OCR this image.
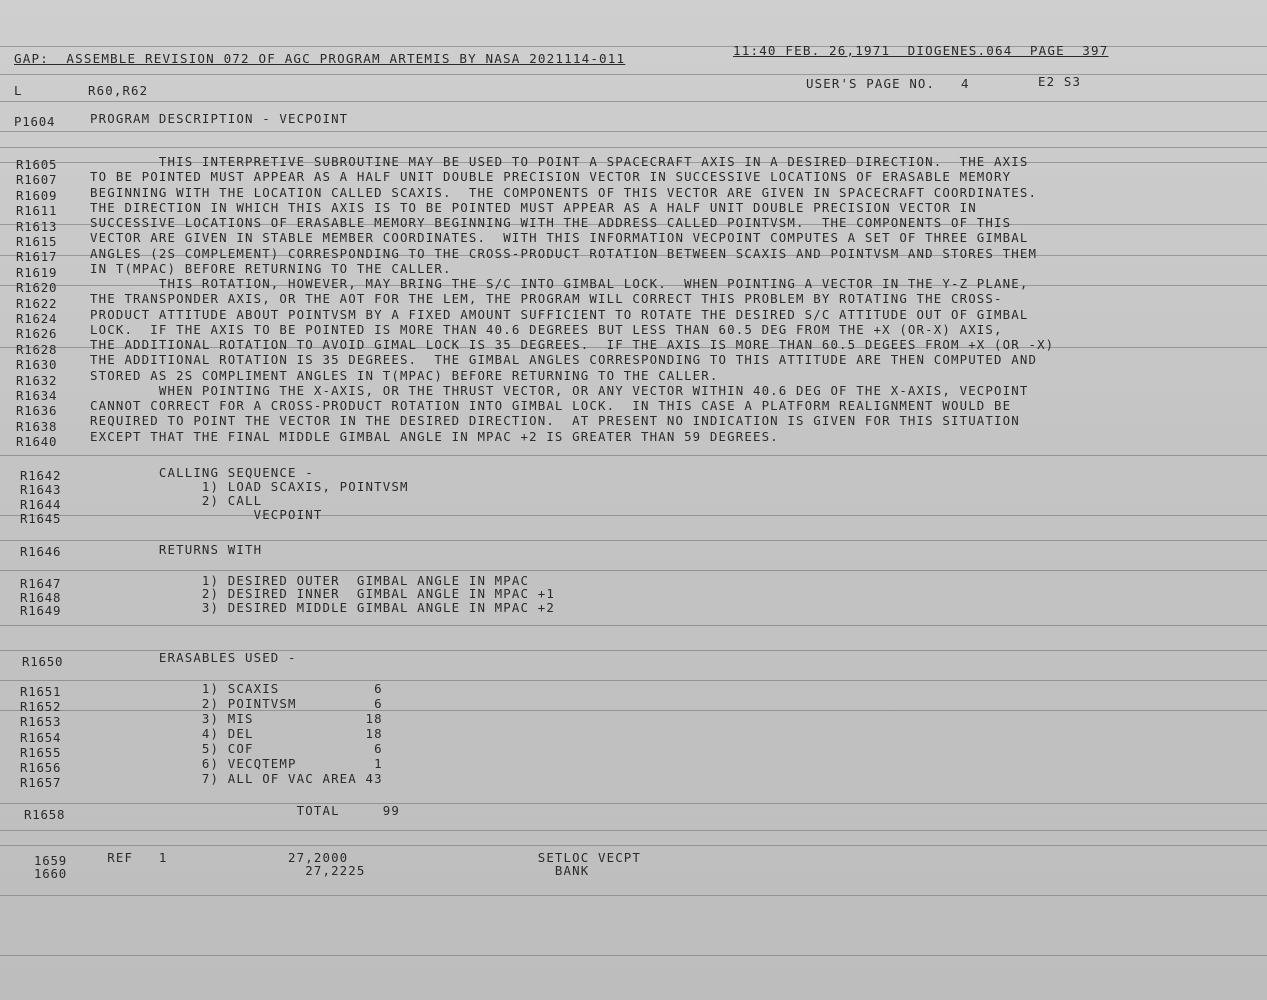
GAP:  ASSEMBLE REVISION 072 OF AGC PROGRAM ARTEMIS BY NASA 2021114-011
11:40 FEB. 26,1971  DIOGENES.064  PAGE  397
L	R60,R62	USER'S PAGE NO.   4	E2 S3
P1604	PROGRAM DESCRIPTION - VECPOINT
R1605	THIS INTERPRETIVE SUBROUTINE MAY BE USED TO POINT A SPACECRAFT AXIS IN A DESIRED DIRECTION.  THE AXIS
R1607	TO BE POINTED MUST APPEAR AS A HALF UNIT DOUBLE PRECISION VECTOR IN SUCCESSIVE LOCATIONS OF ERASABLE MEMORY
R1609	BEGINNING WITH THE LOCATION CALLED SCAXIS.  THE COMPONENTS OF THIS VECTOR ARE GIVEN IN SPACECRAFT COORDINATES.
R1611	THE DIRECTION IN WHICH THIS AXIS IS TO BE POINTED MUST APPEAR AS A HALF UNIT DOUBLE PRECISION VECTOR IN
R1613	SUCCESSIVE LOCATIONS OF ERASABLE MEMORY BEGINNING WITH THE ADDRESS CALLED POINTVSM.  THE COMPONENTS OF THIS
R1615	VECTOR ARE GIVEN IN STABLE MEMBER COORDINATES.  WITH THIS INFORMATION VECPOINT COMPUTES A SET OF THREE GIMBAL
R1617	ANGLES (2S COMPLEMENT) CORRESPONDING TO THE CROSS-PRODUCT ROTATION BETWEEN SCAXIS AND POINTVSM AND STORES THEM
R1619	IN T(MPAC) BEFORE RETURNING TO THE CALLER.
R1620	THIS ROTATION, HOWEVER, MAY BRING THE S/C INTO GIMBAL LOCK.  WHEN POINTING A VECTOR IN THE Y-Z PLANE,
R1622	THE TRANSPONDER AXIS, OR THE AOT FOR THE LEM, THE PROGRAM WILL CORRECT THIS PROBLEM BY ROTATING THE CROSS-
R1624	PRODUCT ATTITUDE ABOUT POINTVSM BY A FIXED AMOUNT SUFFICIENT TO ROTATE THE DESIRED S/C ATTITUDE OUT OF GIMBAL
R1626	LOCK.  IF THE AXIS TO BE POINTED IS MORE THAN 40.6 DEGREES BUT LESS THAN 60.5 DEG FROM THE +X (OR-X) AXIS,
R1628	THE ADDITIONAL ROTATION TO AVOID GIMAL LOCK IS 35 DEGREES.  IF THE AXIS IS MORE THAN 60.5 DEGEES FROM +X (OR -X)
R1630	THE ADDITIONAL ROTATION IS 35 DEGREES.  THE GIMBAL ANGLES CORRESPONDING TO THIS ATTITUDE ARE THEN COMPUTED AND
R1632	STORED AS 2S COMPLIMENT ANGLES IN T(MPAC) BEFORE RETURNING TO THE CALLER.
R1634	WHEN POINTING THE X-AXIS, OR THE THRUST VECTOR, OR ANY VECTOR WITHIN 40.6 DEG OF THE X-AXIS, VECPOINT
R1636	CANNOT CORRECT FOR A CROSS-PRODUCT ROTATION INTO GIMBAL LOCK.  IN THIS CASE A PLATFORM REALIGNMENT WOULD BE
R1638	REQUIRED TO POINT THE VECTOR IN THE DESIRED DIRECTION.  AT PRESENT NO INDICATION IS GIVEN FOR THIS SITUATION
R1640	EXCEPT THAT THE FINAL MIDDLE GIMBAL ANGLE IN MPAC +2 IS GREATER THAN 59 DEGREES.
R1642 CALLING SEQUENCE -
R1643 1) LOAD SCAXIS, POINTVSM
R1644 2) CALL
R1645 VECPOINT
R1646 RETURNS WITH
R1647 1) DESIRED OUTER  GIMBAL ANGLE IN MPAC
R1648 2) DESIRED INNER  GIMBAL ANGLE IN MPAC +1
R1649 3) DESIRED MIDDLE GIMBAL ANGLE IN MPAC +2
R1651 1) SCAXIS           6
R1652 2) POINTVSM         6
R1653 3) MIS             18
R1654 4) DEL             18
R1655 5) COF              6
R1656 6) VECQTEMP         1
R1657 7) ALL OF VAC AREA 43
1659 REF   1              27,2000                      SETLOC VECPT
1660 27,2225                      BANK
R1650 ERASABLES USED -
R1658 TOTAL     99
